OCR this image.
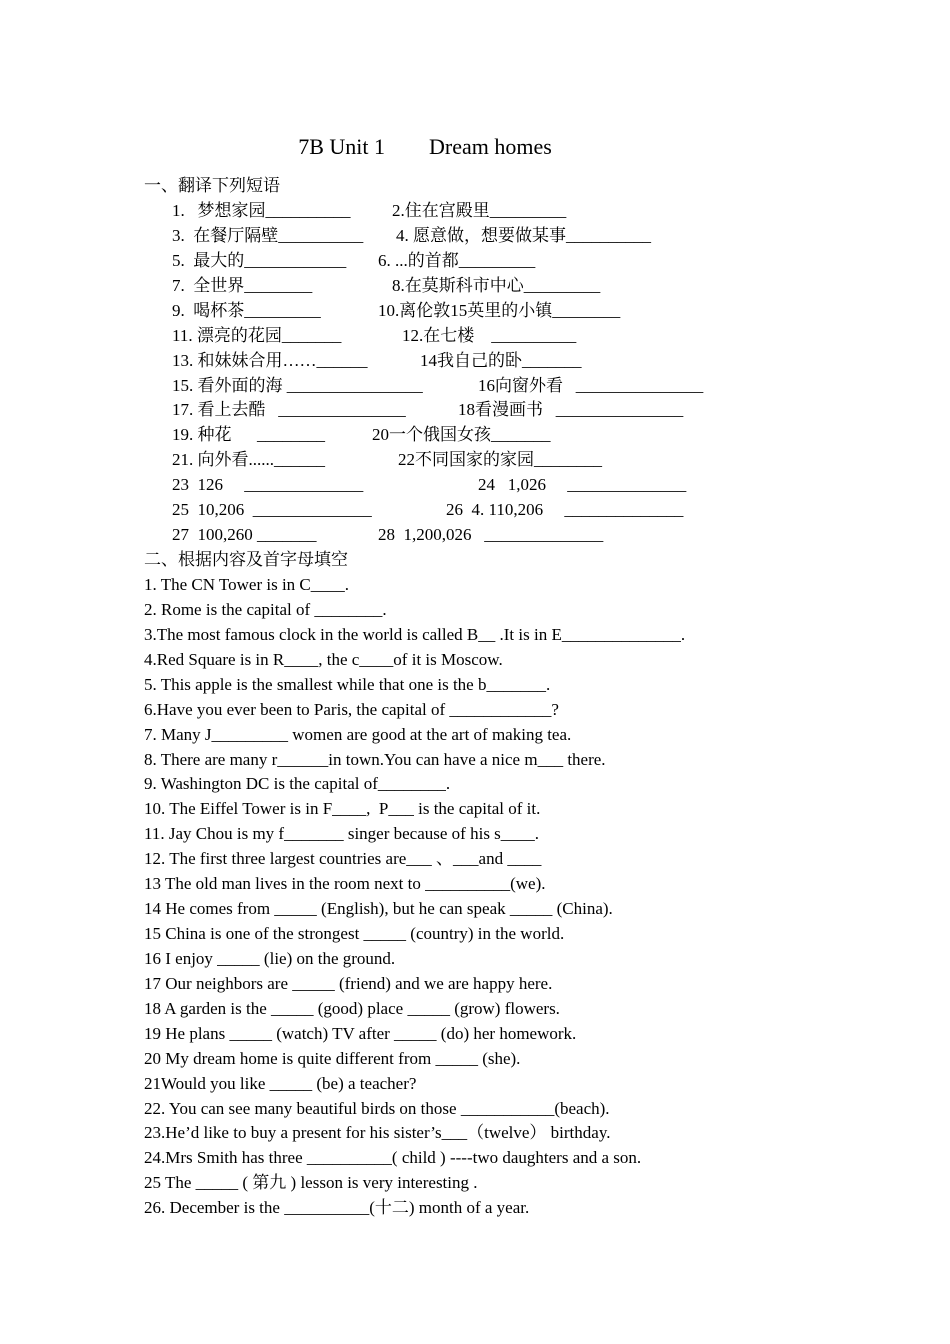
7B Unit 1        Dream homes
一、翻译下列短语
1.   梦想家园__________ 2.住在宫殿里_________
3.  在餐厅隔壁__________ 4. 愿意做，想要做某事__________
5.  最大的____________ 6. ...的首都_________
7.  全世界________	8.在莫斯科市中心_________
9.  喝杯茶_________	10.离伦敦15英里的小镇________
11. 漂亮的花园_______	12.在七楼    __________
13. 和妹妹合用……______	14我自己的卧_______
15. 看外面的海 ________________	16向窗外看   _______________
17. 看上去酷   _______________	18看漫画书   _______________
19. 种花      ________	20一个俄国女孩_______
21. 向外看......______	22不同国家的家园________
23  126     ______________	24   1,026     ______________
25  10,206  ______________	26  4. 110,206     ______________
27  100,260 _______	28  1,200,026   ______________
二、根据内容及首字母填空
1. The CN Tower is in C____.
2. Rome is the capital of ________.
3.The most famous clock in the world is called B__ .It is in E______________.
4.Red Square is in R____, the c____of it is Moscow.
5. This apple is the smallest while that one is the b_______.
6.Have you ever been to Paris, the capital of ____________?
7. Many J_________ women are good at the art of making tea.
8. There are many r______in town.You can have a nice m___ there.
9. Washington DC is the capital of________.
10. The Eiffel Tower is in F____,  P___ is the capital of it.
11. Jay Chou is my f_______ singer because of his s____.
12. The first three largest countries are___ 、___and ____
13 The old man lives in the room next to __________(we).
14 He comes from _____ (English), but he can speak _____ (China).
15 China is one of the strongest _____ (country) in the world.
16 I enjoy _____ (lie) on the ground.
17 Our neighbors are _____ (friend) and we are happy here.
18 A garden is the _____ (good) place _____ (grow) flowers.
19 He plans _____ (watch) TV after _____ (do) her homework.
20 My dream home is quite different from _____ (she).
21Would you like _____ (be) a teacher?
22. You can see many beautiful birds on those ___________(beach).
23.He’d like to buy a present for his sister’s___（twelve） birthday.
24.Mrs Smith has three __________( child ) ----two daughters and a son.
25 The _____ ( 第九 ) lesson is very interesting .
26. December is the __________(十二) month of a year.
